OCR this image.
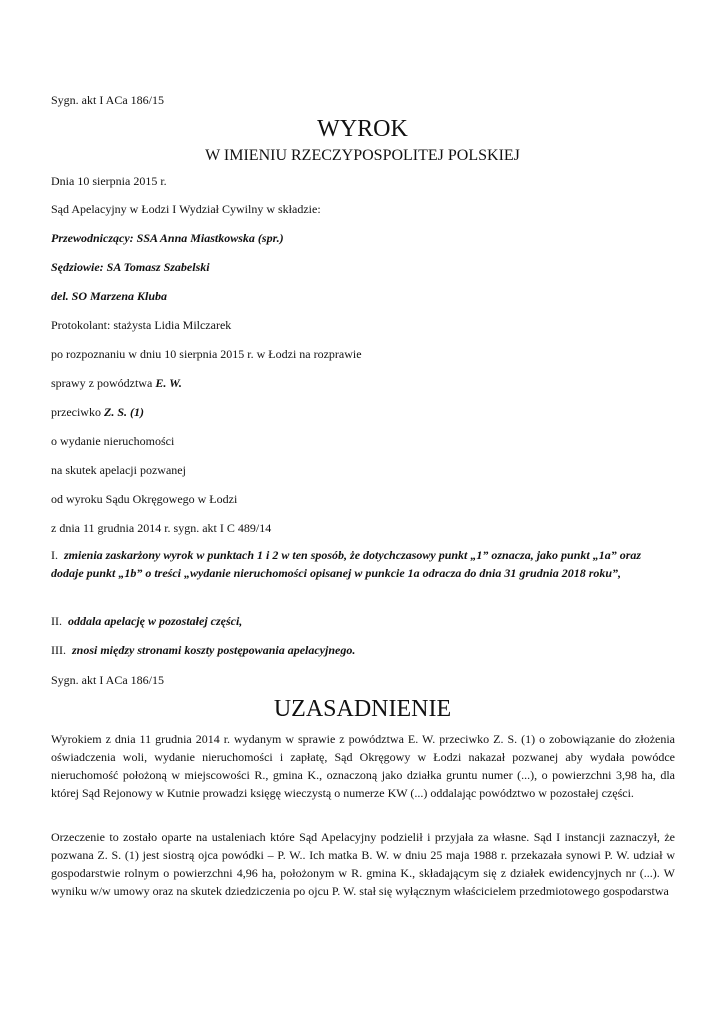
Sygn. akt I ACa 186/15
WYROK
W IMIENIU RZECZYPOSPOLITEJ POLSKIEJ
Dnia 10 sierpnia 2015 r.
Sąd Apelacyjny w Łodzi I Wydział Cywilny w składzie:
Przewodniczący: SSA Anna Miastkowska (spr.)
Sędziowie: SA Tomasz Szabelski
del. SO Marzena Kluba
Protokolant: stażysta Lidia Milczarek
po rozpoznaniu w dniu 10 sierpnia 2015 r. w Łodzi na rozprawie
sprawy z powództwa E. W.
przeciwko Z. S. (1)
o wydanie nieruchomości
na skutek apelacji pozwanej
od wyroku Sądu Okręgowego w Łodzi
z dnia 11 grudnia 2014 r. sygn. akt I C 489/14
I. zmienia zaskarżony wyrok w punktach 1 i 2 w ten sposób, że dotychczasowy punkt „1” oznacza, jako punkt „1a” oraz dodaje punkt „1b” o treści „wydanie nieruchomości opisanej w punkcie 1a odracza do dnia 31 grudnia 2018 roku”,
II. oddala apelację w pozostałej części,
III. znosi między stronami koszty postępowania apelacyjnego.
Sygn. akt I ACa 186/15
UZASADNIENIE
Wyrokiem z dnia 11 grudnia 2014 r. wydanym w sprawie z powództwa E. W. przeciwko Z. S. (1) o zobowiązanie do złożenia oświadczenia woli, wydanie nieruchomości i zapłatę, Sąd Okręgowy w Łodzi nakazał pozwanej aby wydała powódce nieruchomość położoną w miejscowości R., gmina K., oznaczoną jako działka gruntu numer (...), o powierzchni 3,98 ha, dla której Sąd Rejonowy w Kutnie prowadzi księgę wieczystą o numerze KW (...) oddalając powództwo w pozostałej części.
Orzeczenie to zostało oparte na ustaleniach które Sąd Apelacyjny podzielił i przyjała za własne. Sąd I instancji zaznaczył, że pozwana Z. S. (1) jest siostrą ojca powódki – P. W.. Ich matka B. W. w dniu 25 maja 1988 r. przekazała synowi P. W. udział w gospodarstwie rolnym o powierzchni 4,96 ha, położonym w R. gmina K., składającym się z działek ewidencyjnych nr (...). W wyniku w/w umowy oraz na skutek dziedziczenia po ojcu P. W. stał się wyłącznym właścicielem przedmiotowego gospodarstwa
